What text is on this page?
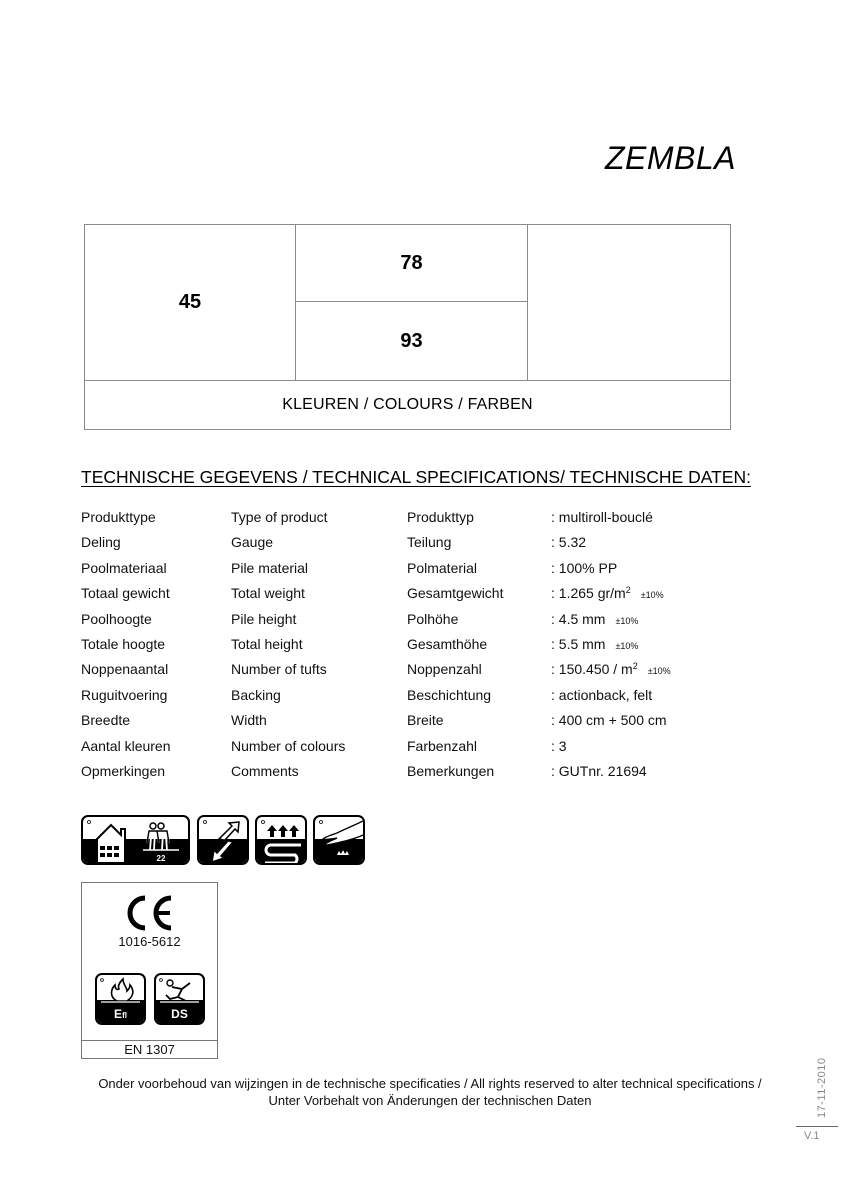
ZEMBLA
45
78
93
KLEUREN / COLOURS / FARBEN
TECHNISCHE GEGEVENS / TECHNICAL SPECIFICATIONS/ TECHNISCHE DATEN:
Produkttype	Type of product	Produkttyp	: multiroll-bouclé
Deling	Gauge	Teilung	: 5.32
Poolmateriaal	Pile material	Polmaterial	: 100% PP
Totaal gewicht	Total weight	Gesamtgewicht	: 1.265 $gr/m^2 \pm 10\%$
Poolhoogte	Pile height	Polhöhe	: 4.5 mm ±10%
Totale hoogte	Total height	Gesamthöhe	: 5.5 mm ±10%
Noppenaantal	Number of tufts	Noppenzahl	: $150.450 / m^2 \pm 10\%$
Ruguitvoering	Backing	Beschichtung	: actionback, felt
Breedte	Width	Breite	: 400 cm + 500 cm
Aantal kleuren	Number of colours	Farbenzahl	: 3
Opmerkingen	Comments	Bemerkungen	: GUTnr. 21694
22
1016-5612
Efl	DS
EN 1307
Onder voorbehoud van wijzingen in de technische specificaties / All rights reserved to alter technical specifications /
Unter Vorbehalt von Änderungen der technischen Daten	17-11-2010
V.1
